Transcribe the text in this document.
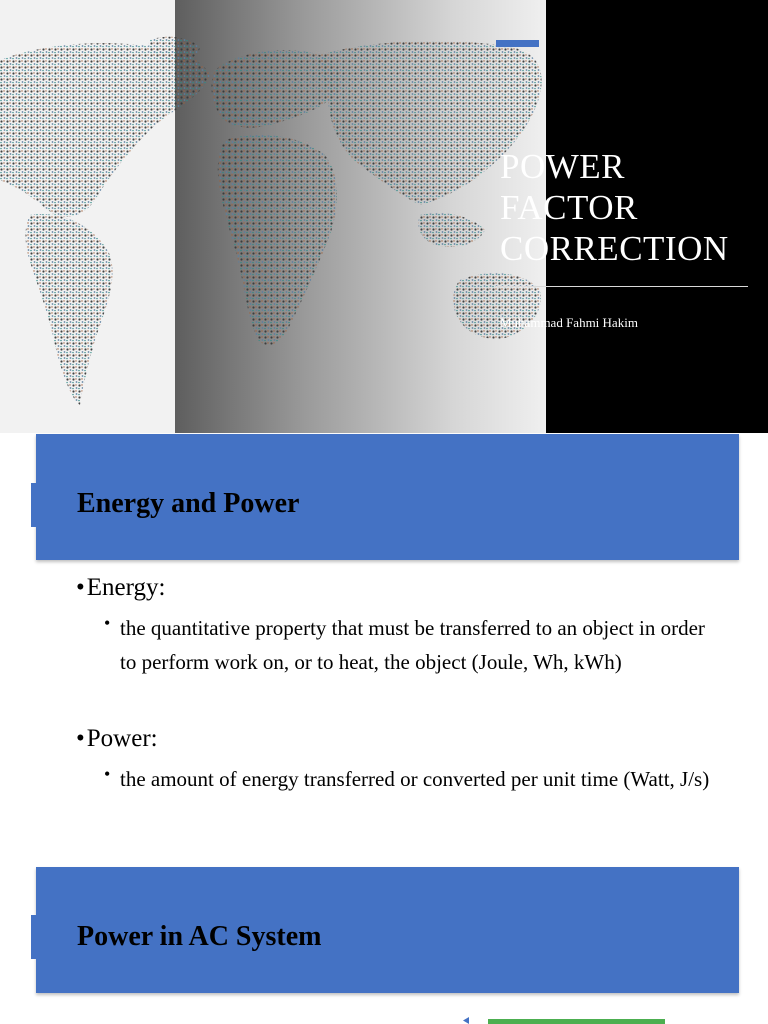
POWER
FACTOR
CORRECTION
Muhammad Fahmi Hakim
Energy and Power
•Energy:
• the quantitative property that must be transferred to an object in order to perform work on, or to heat, the object (Joule, Wh, kWh)
•Power:
• the amount of energy transferred or converted per unit time (Watt, J/s)
Power in AC System
